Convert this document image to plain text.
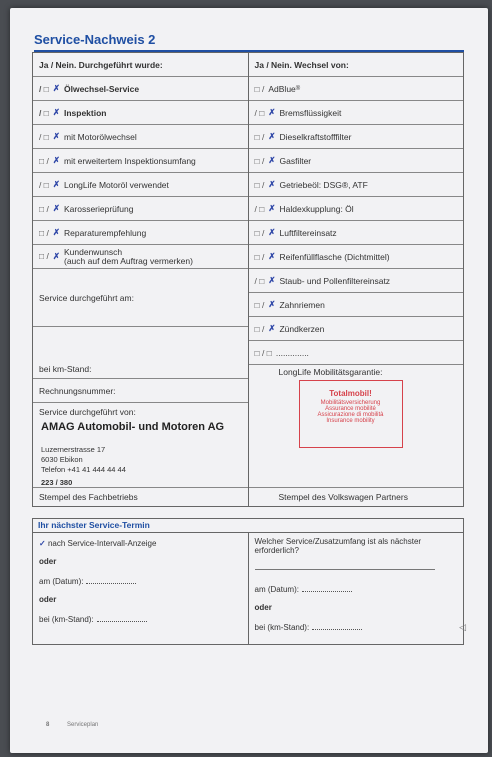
Service-Nachweis 2
Ja / Nein. Durchgeführt wurde:
/ □ ✗ Ölwechsel-Service
/ □ ✗ Inspektion
/ □ ✗ mit Motorölwechsel
□ / ✗ mit erweitertem Inspektionsumfang
/ □ ✗ LongLife Motoröl verwendet
□ / ✗ Karosserieprüfung
□ / ✗ Reparaturempfehlung
□ / ✗ Kundenwunsch
(auch auf dem Auftrag vermerken)
Service durchgeführt am:
bei km-Stand:
Rechnungsnummer:
Service durchgeführt von:
AMAG Automobil- und Motoren AG
Luzernerstrasse 17
6030 Ebikon
Telefon +41 41 444 44 44
223 / 380
Stempel des Fachbetriebs
Ja / Nein. Wechsel von:
□ / AdBlue ®
/ □ ✗ Bremsflüssigkeit
□ / ✗ Dieselkraftstofffilter
□ / ✗ Gasfilter
□ / ✗ Getriebeöl: DSG®, ATF
/ □ ✗ Haldexkupplung: Öl
□ / ✗ Luftfiltereinsatz
□ / ✗ Reifenfüllflasche (Dichtmittel)
/ □ ✗ Staub- und Pollenfiltereinsatz
□ / ✗ Zahnriemen
□ / ✗ Zündkerzen
□ / □ ..............
LongLife Mobilitätsgarantie:
Totalmobil!
Mobilitätsversicherung
Assurance mobilité
Assicurazione di mobilità
Insurance mobility
Stempel des Volkswagen Partners
Ihr nächster Service-Termin
✓ nach Service-Intervall-Anzeige
oder
am (Datum):
oder
bei (km-Stand):
Welcher Service/Zusatzumfang ist als nächster erforderlich?
am (Datum):
oder
bei (km-Stand):	◁
8	Serviceplan
